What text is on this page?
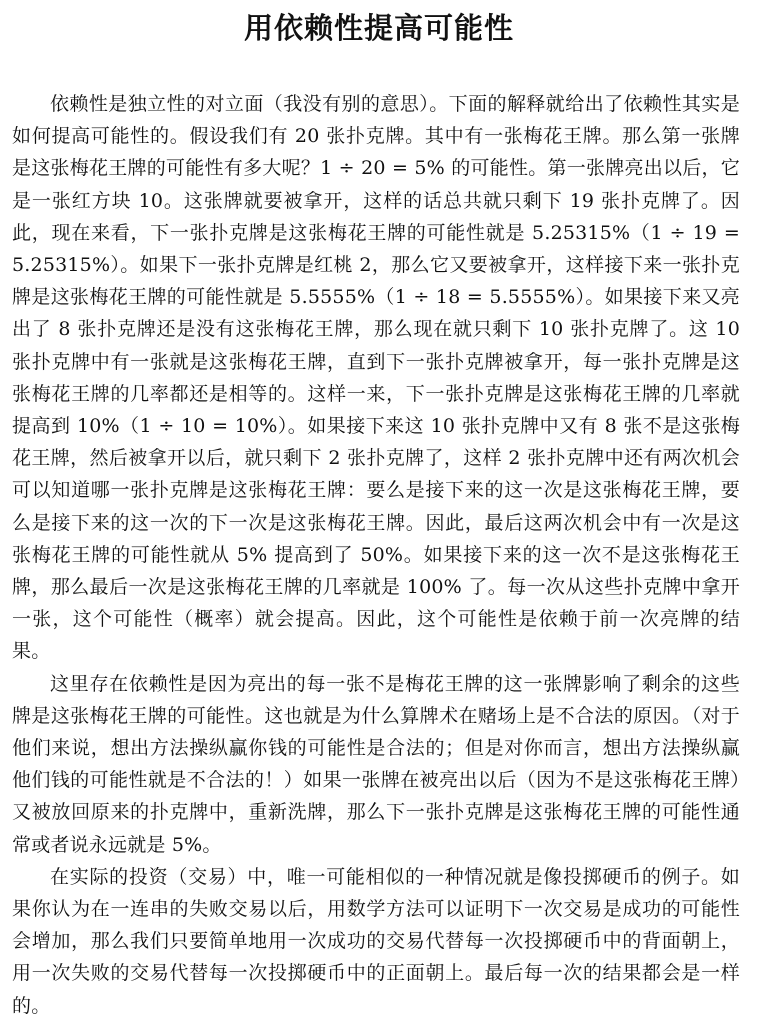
用依赖性提高可能性

依赖性是独立性的对立面（我没有别的意思）。下面的解释就给出了依赖性其实是如何提高可能性的。假设我们有 20 张扑克牌。其中有一张梅花王牌。那么第一张牌是这张梅花王牌的可能性有多大呢？1 ÷ 20 = 5% 的可能性。第一张牌亮出以后，它是一张红方块 10。这张牌就要被拿开，这样的话总共就只剩下 19 张扑克牌了。因此，现在来看，下一张扑克牌是这张梅花王牌的可能性就是 5.25315%（1 ÷ 19 = 5.25315%）。如果下一张扑克牌是红桃 2，那么它又要被拿开，这样接下来一张扑克牌是这张梅花王牌的可能性就是 5.5555%（1 ÷ 18 = 5.5555%）。如果接下来又亮出了 8 张扑克牌还是没有这张梅花王牌，那么现在就只剩下 10 张扑克牌了。这 10 张扑克牌中有一张就是这张梅花王牌，直到下一张扑克牌被拿开，每一张扑克牌是这张梅花王牌的几率都还是相等的。这样一来，下一张扑克牌是这张梅花王牌的几率就提高到 10%（1 ÷ 10 = 10%）。如果接下来这 10 张扑克牌中又有 8 张不是这张梅花王牌，然后被拿开以后，就只剩下 2 张扑克牌了，这样 2 张扑克牌中还有两次机会可以知道哪一张扑克牌是这张梅花王牌：要么是接下来的这一次是这张梅花王牌，要么是接下来的这一次的下一次是这张梅花王牌。因此，最后这两次机会中有一次是这张梅花王牌的可能性就从 5% 提高到了 50%。如果接下来的这一次不是这张梅花王牌，那么最后一次是这张梅花王牌的几率就是 100% 了。每一次从这些扑克牌中拿开一张，这个可能性（概率）就会提高。因此，这个可能性是依赖于前一次亮牌的结果。

这里存在依赖性是因为亮出的每一张不是梅花王牌的这一张牌影响了剩余的这些牌是这张梅花王牌的可能性。这也就是为什么算牌术在赌场上是不合法的原因。（对于他们来说，想出方法操纵赢你钱的可能性是合法的；但是对你而言，想出方法操纵赢他们钱的可能性就是不合法的！）如果一张牌在被亮出以后（因为不是这张梅花王牌）又被放回原来的扑克牌中，重新洗牌，那么下一张扑克牌是这张梅花王牌的可能性通常或者说永远就是 5%。

在实际的投资（交易）中，唯一可能相似的一种情况就是像投掷硬币的例子。如果你认为在一连串的失败交易以后，用数学方法可以证明下一次交易是成功的可能性会增加，那么我们只要简单地用一次成功的交易代替每一次投掷硬币中的背面朝上，用一次失败的交易代替每一次投掷硬币中的正面朝上。最后每一次的结果都会是一样的。
